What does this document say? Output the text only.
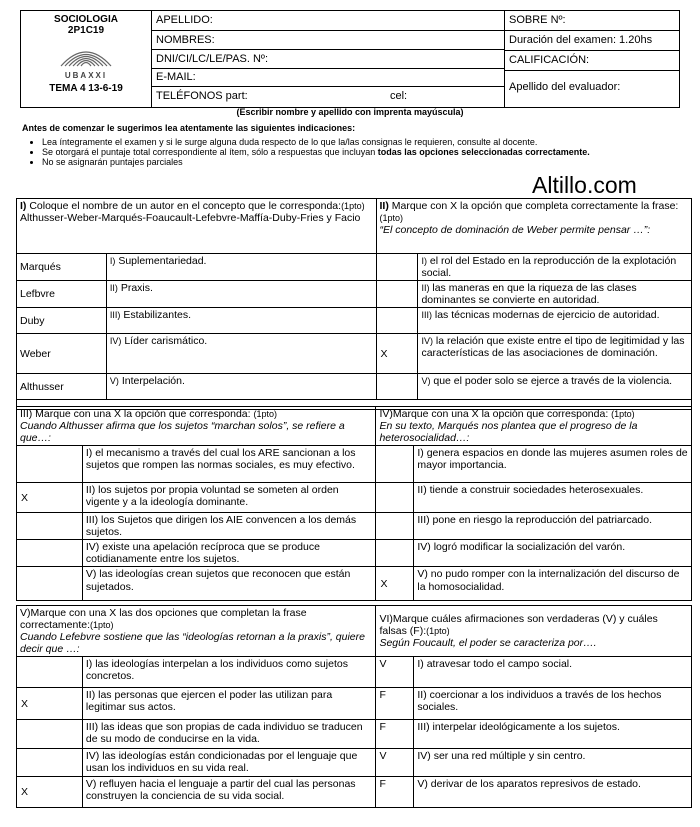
SOCIOLOGIA
2P1C19
UBAXXI
TEMA 4 13-6-19
APELLIDO:
NOMBRES:
DNI/CI/LC/LE/PAS. Nº:
E-MAIL:
TELÉFONOS part:	cel:
SOBRE Nº:
Duración del examen: 1.20hs
CALIFICACIÓN:
Apellido del evaluador:
(Escribir nombre y apellido con imprenta mayúscula)
Antes de comenzar le sugerimos lea atentamente las siguientes indicaciones:
• Lea íntegramente el examen y si le surge alguna duda respecto de lo que la/las consignas le requieren, consulte al docente.
• Se otorgará el puntaje total correspondiente al ítem, sólo a respuestas que incluyan todas las opciones seleccionadas correctamente.
• No se asignarán puntajes parciales
Altillo.com
I) Coloque el nombre de un autor en el concepto que le corresponda:(1pto)
Althusser-Weber-Marqués-Foaucault-Lefebvre-Maffía-Duby-Fries y Facio		II) Marque con X la opción que completa correctamente la frase:(1pto)
“El concepto de dominación de Weber permite pensar …”:	
Marqués	I) Suplementariedad.		I) el rol del Estado en la reproducción de la explotación social.
Lefbvre	II) Praxis.		II) las maneras en que la riqueza de las clases dominantes se convierte en autoridad.
Duby	III) Estabilizantes.		III) las técnicas modernas de ejercicio de autoridad.
Weber	IV) Líder carismático.	X	IV) la relación que existe entre el tipo de legitimidad y las características de las asociaciones de dominación.
Althusser	V) Interpelación.		V) que el poder solo se ejerce a través de la violencia.

III) Marque con una X la opción que corresponda: (1pto)
Cuando Althusser afirma que los sujetos “marchan solos”, se refiere a que…:		IV)Marque con una X la opción que corresponda: (1pto)
En su texto, Marqués nos plantea que el progreso de la heterosocialidad…:	
	I) el mecanismo a través del cual los ARE sancionan a los sujetos que rompen las normas sociales, es muy efectivo.		I) genera espacios en donde las mujeres asumen roles de mayor importancia.
X	II) los sujetos por propia voluntad se someten al orden vigente y a la ideología dominante.		II) tiende a construir sociedades heterosexuales.
	III) los Sujetos que dirigen los AIE convencen a los demás sujetos.		III) pone en riesgo la reproducción del patriarcado.
	IV) existe una apelación recíproca que se produce cotidianamente entre los sujetos.		IV) logró modificar la socialización del varón.
	V) las ideologías crean sujetos que reconocen que están sujetados.	X	V) no pudo romper con la internalización del discurso de la homosocialidad.
V)Marque con una X las dos opciones que completan la frase correctamente:(1pto)
Cuando Lefebvre sostiene que las “ideologías retornan a la praxis”, quiere decir que …:		VI)Marque cuáles afirmaciones son verdaderas (V) y cuáles falsas (F):(1pto)
Según Foucault, el poder se caracteriza por….	
	I) las ideologías interpelan a los individuos como sujetos concretos.	V	I) atravesar todo el campo social.
X	II) las personas que ejercen el poder las utilizan para legitimar sus actos.	F	II) coercionar a los individuos a través de los hechos sociales.
	III) las ideas que son propias de cada individuo se traducen de su modo de conducirse en la vida.	F	III) interpelar ideológicamente a los sujetos.
	IV) las ideologías están condicionadas por el lenguaje que usan los individuos en su vida real.	V	IV) ser una red múltiple y sin centro.
X	V) refluyen hacia el lenguaje a partir del cual las personas construyen la conciencia de su vida social.	F	V) derivar de los aparatos represivos de estado.
